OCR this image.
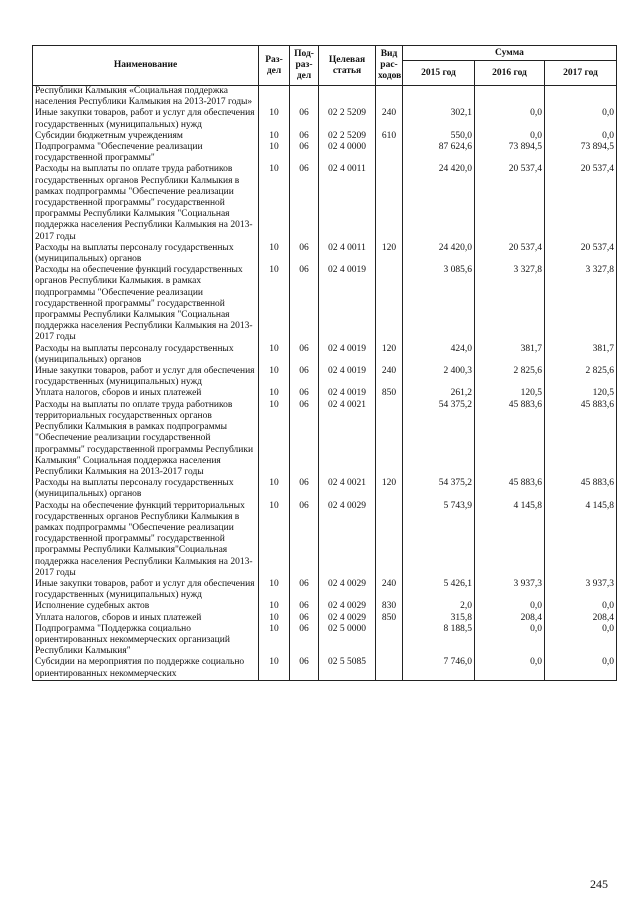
Наименование	Раз- дел	Под- раз- дел	Целевая статья	Вид рас- ходов	Сумма		
					2015 год	2016 год	2017 год
Республики Калмыкия «Социальная поддержка населения Республики Калмыкия на 2013-2017 годы»							
Иные закупки товаров, работ и услуг для обеспечения государственных (муниципальных) нужд	10	06	02 2 5209	240	302,1	0,0	0,0
Субсидии бюджетным учреждениям	10	06	02 2 5209	610	550,0	0,0	0,0
Подпрограмма "Обеспечение реализации государственной программы"	10	06	02 4 0000		87 624,6	73 894,5	73 894,5
Расходы на выплаты по оплате труда работников государственных органов Республики Калмыкия в рамках подпрограммы "Обеспечение реализации государственной программы" государственной программы Республики Калмыкия "Социальная поддержка населения Республики Калмыкия на 2013-2017 годы	10	06	02 4 0011		24 420,0	20 537,4	20 537,4
Расходы на выплаты персоналу государственных (муниципальных) органов	10	06	02 4 0011	120	24 420,0	20 537,4	20 537,4
Расходы на обеспечение функций государственных органов Республики Калмыкия. в рамках подпрограммы "Обеспечение реализации государственной программы" государственной программы Республики Калмыкия "Социальная поддержка населения Республики Калмыкия на 2013-2017 годы	10	06	02 4 0019		3 085,6	3 327,8	3 327,8
Расходы на выплаты персоналу государственных (муниципальных) органов	10	06	02 4 0019	120	424,0	381,7	381,7
Иные закупки товаров, работ и услуг для обеспечения государственных (муниципальных) нужд	10	06	02 4 0019	240	2 400,3	2 825,6	2 825,6
Уплата налогов, сборов и иных платежей	10	06	02 4 0019	850	261,2	120,5	120,5
Расходы на выплаты по оплате труда работников территориальных государственных органов Республики Калмыкия в рамках подпрограммы "Обеспечение реализации государственной программы" государственной программы Республики Калмыкия" Социальная поддержка населения Республики Калмыкия на 2013-2017 годы	10	06	02 4 0021		54 375,2	45 883,6	45 883,6
Расходы на выплаты персоналу государственных (муниципальных) органов	10	06	02 4 0021	120	54 375,2	45 883,6	45 883,6
Расходы на обеспечение функций территориальных государственных органов Республики Калмыкия в рамках подпрограммы "Обеспечение реализации государственной программы" государственной программы Республики Калмыкия"Социальная поддержка населения Республики Калмыкия на 2013-2017 годы	10	06	02 4 0029		5 743,9	4 145,8	4 145,8
Иные закупки товаров, работ и услуг для обеспечения государственных (муниципальных) нужд	10	06	02 4 0029	240	5 426,1	3 937,3	3 937,3
Исполнение судебных актов	10	06	02 4 0029	830	2,0	0,0	0,0
Уплата налогов, сборов и иных платежей	10	06	02 4 0029	850	315,8	208,4	208,4
Подпрограмма "Поддержка социально ориентированных некоммерческих организаций Республики Калмыкия"	10	06	02 5 0000		8 188,5	0,0	0,0
Субсидии на мероприятия по поддержке социально ориентированных некоммерческих	10	06	02 5 5085		7 746,0	0,0	0,0
245
